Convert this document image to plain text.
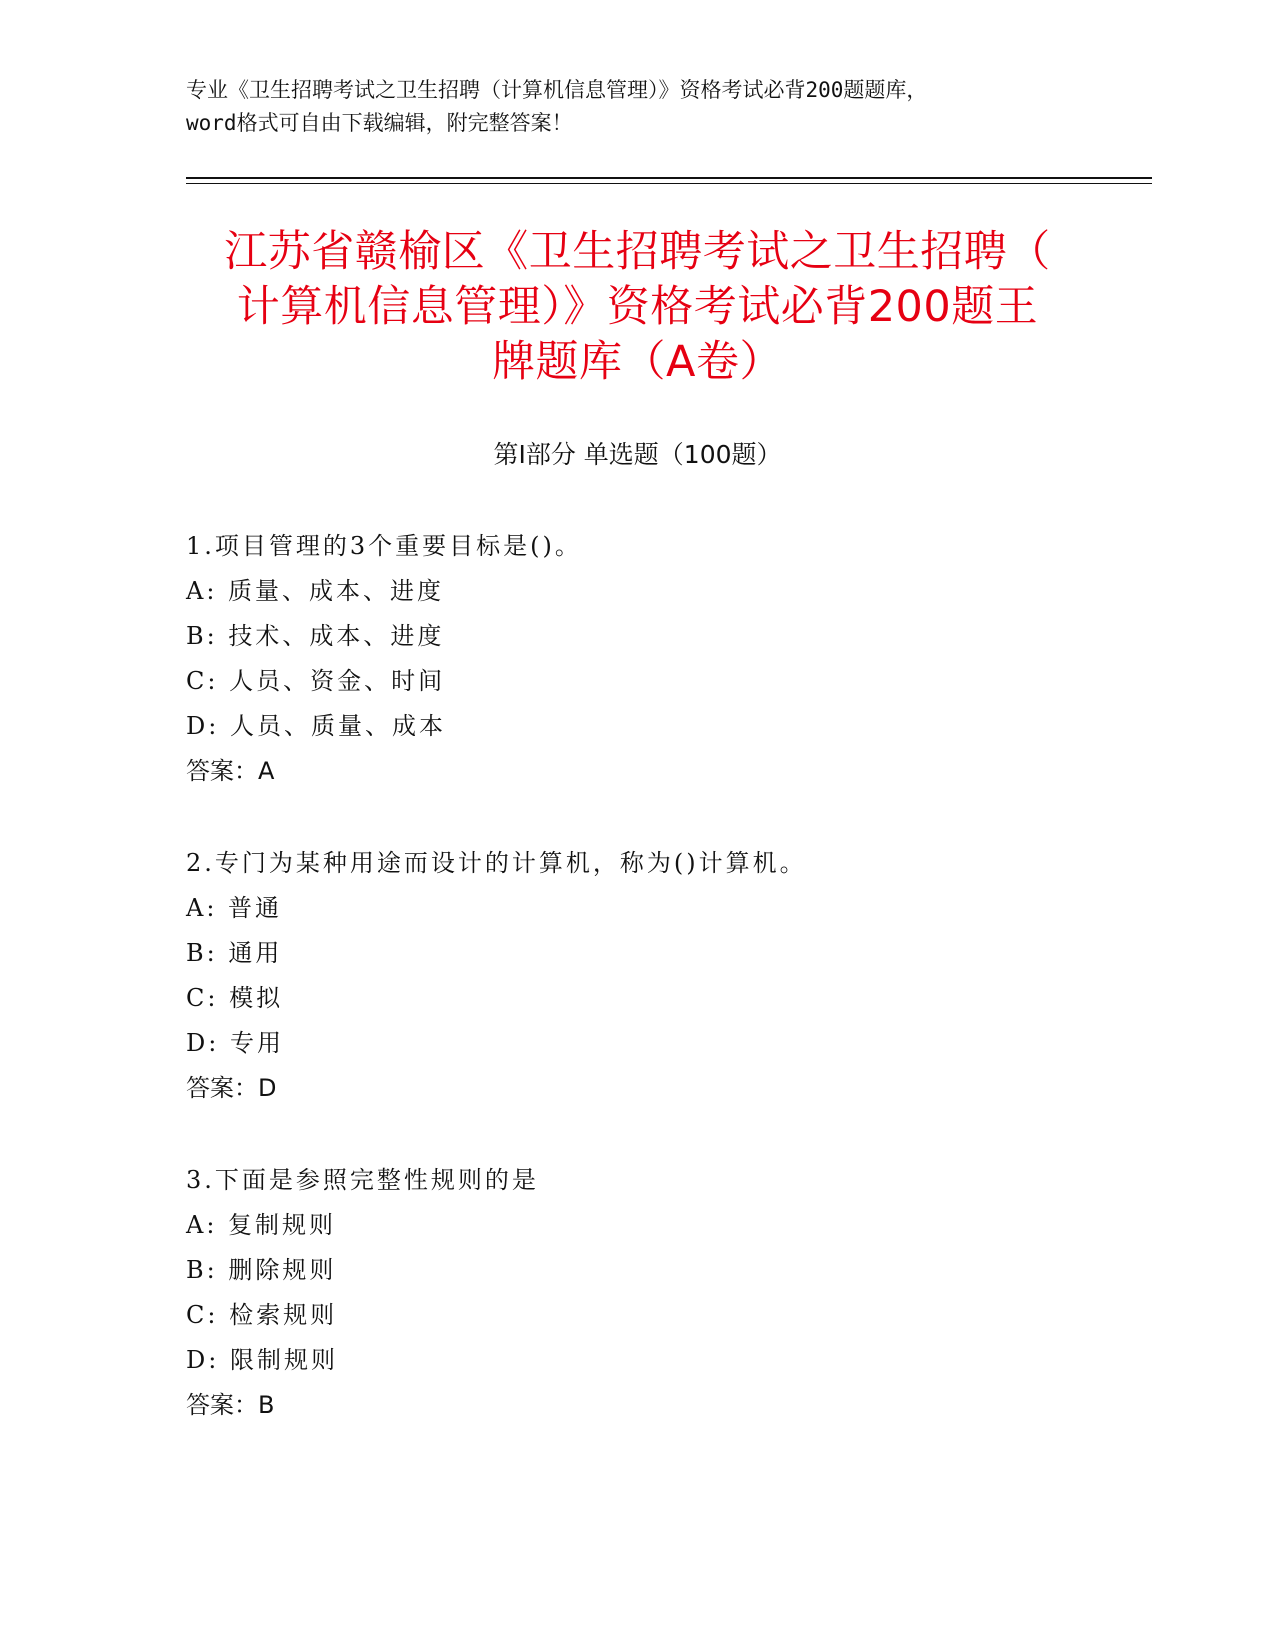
专业《卫生招聘考试之卫生招聘（计算机信息管理）》资格考试必背200题题库，
word格式可自由下载编辑，附完整答案！
江苏省赣榆区《卫生招聘考试之卫生招聘（
计算机信息管理）》资格考试必背200题王
牌题库（A卷）
第Ⅰ部分 单选题（100题）
1.项目管理的3个重要目标是()。
A: 质量、成本、进度
B: 技术、成本、进度
C: 人员、资金、时间
D: 人员、质量、成本
答案：A
2.专门为某种用途而设计的计算机，称为()计算机。
A: 普通
B: 通用
C: 模拟
D: 专用
答案：D
3.下面是参照完整性规则的是
A: 复制规则
B: 删除规则
C: 检索规则
D: 限制规则
答案：B
